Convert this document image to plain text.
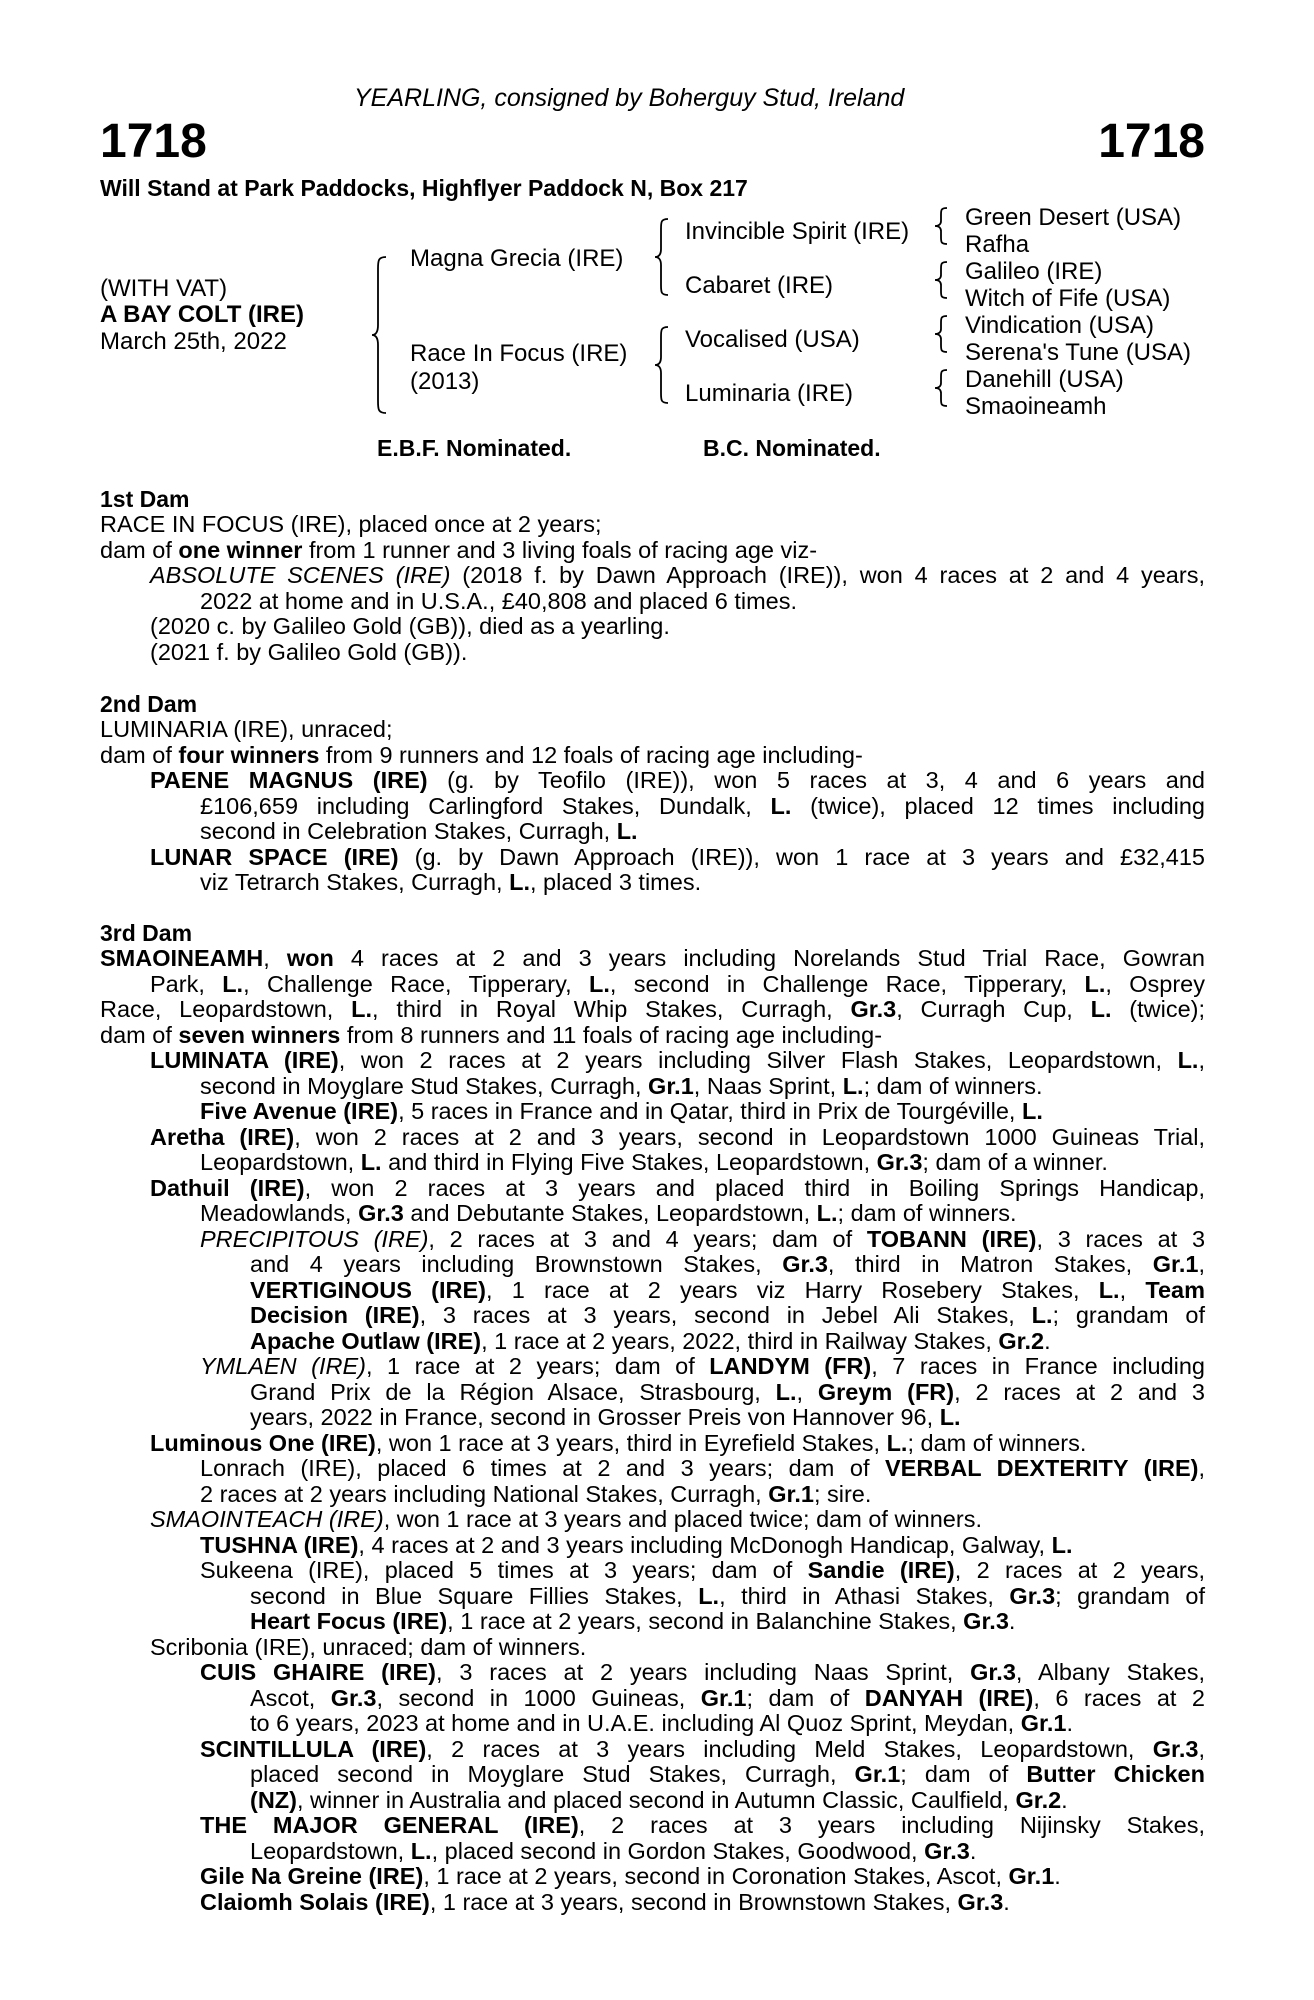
YEARLING, consigned by Boherguy Stud, Ireland
1718	1718
Will Stand at Park Paddocks, Highflyer Paddock N, Box 217
(WITH VAT)
A BAY COLT (IRE)
March 25th, 2022
Magna Grecia (IRE)
Race In Focus (IRE)
(2013)
Invincible Spirit (IRE)
Cabaret (IRE)
Vocalised (USA)
Luminaria (IRE)
Green Desert (USA)
Rafha
Galileo (IRE)
Witch of Fife (USA)
Vindication (USA)
Serena's Tune (USA)
Danehill (USA)
Smaoineamh
E.B.F. Nominated.	B.C. Nominated.
1st Dam
RACE IN FOCUS (IRE), placed once at 2 years;
dam of one winner from 1 runner and 3 living foals of racing age viz-
ABSOLUTE SCENES (IRE) (2018 f. by Dawn Approach (IRE)), won 4 races at 2 and 4 years,
2022 at home and in U.S.A., £40,808 and placed 6 times.
(2020 c. by Galileo Gold (GB)), died as a yearling.
(2021 f. by Galileo Gold (GB)).
2nd Dam
LUMINARIA (IRE), unraced;
dam of four winners from 9 runners and 12 foals of racing age including-
PAENE MAGNUS (IRE) (g. by Teofilo (IRE)), won 5 races at 3, 4 and 6 years and
£106,659 including Carlingford Stakes, Dundalk, L. (twice), placed 12 times including
second in Celebration Stakes, Curragh, L.
LUNAR SPACE (IRE) (g. by Dawn Approach (IRE)), won 1 race at 3 years and £32,415
viz Tetrarch Stakes, Curragh, L., placed 3 times.
3rd Dam
SMAOINEAMH, won 4 races at 2 and 3 years including Norelands Stud Trial Race, Gowran
Park, L., Challenge Race, Tipperary, L., second in Challenge Race, Tipperary, L., Osprey
Race, Leopardstown, L., third in Royal Whip Stakes, Curragh, Gr.3, Curragh Cup, L. (twice);
dam of seven winners from 8 runners and 11 foals of racing age including-
LUMINATA (IRE), won 2 races at 2 years including Silver Flash Stakes, Leopardstown, L.,
second in Moyglare Stud Stakes, Curragh, Gr.1, Naas Sprint, L.; dam of winners.
Five Avenue (IRE), 5 races in France and in Qatar, third in Prix de Tourgéville, L.
Aretha (IRE), won 2 races at 2 and 3 years, second in Leopardstown 1000 Guineas Trial,
Leopardstown, L. and third in Flying Five Stakes, Leopardstown, Gr.3; dam of a winner.
Dathuil (IRE), won 2 races at 3 years and placed third in Boiling Springs Handicap,
Meadowlands, Gr.3 and Debutante Stakes, Leopardstown, L.; dam of winners.
PRECIPITOUS (IRE), 2 races at 3 and 4 years; dam of TOBANN (IRE), 3 races at 3
and 4 years including Brownstown Stakes, Gr.3, third in Matron Stakes, Gr.1,
VERTIGINOUS (IRE), 1 race at 2 years viz Harry Rosebery Stakes, L., Team
Decision (IRE), 3 races at 3 years, second in Jebel Ali Stakes, L.; grandam of
Apache Outlaw (IRE), 1 race at 2 years, 2022, third in Railway Stakes, Gr.2.
YMLAEN (IRE), 1 race at 2 years; dam of LANDYM (FR), 7 races in France including
Grand Prix de la Région Alsace, Strasbourg, L., Greym (FR), 2 races at 2 and 3
years, 2022 in France, second in Grosser Preis von Hannover 96, L.
Luminous One (IRE), won 1 race at 3 years, third in Eyrefield Stakes, L.; dam of winners.
Lonrach (IRE), placed 6 times at 2 and 3 years; dam of VERBAL DEXTERITY (IRE),
2 races at 2 years including National Stakes, Curragh, Gr.1; sire.
SMAOINTEACH (IRE), won 1 race at 3 years and placed twice; dam of winners.
TUSHNA (IRE), 4 races at 2 and 3 years including McDonogh Handicap, Galway, L.
Sukeena (IRE), placed 5 times at 3 years; dam of Sandie (IRE), 2 races at 2 years,
second in Blue Square Fillies Stakes, L., third in Athasi Stakes, Gr.3; grandam of
Heart Focus (IRE), 1 race at 2 years, second in Balanchine Stakes, Gr.3.
Scribonia (IRE), unraced; dam of winners.
CUIS GHAIRE (IRE), 3 races at 2 years including Naas Sprint, Gr.3, Albany Stakes,
Ascot, Gr.3, second in 1000 Guineas, Gr.1; dam of DANYAH (IRE), 6 races at 2
to 6 years, 2023 at home and in U.A.E. including Al Quoz Sprint, Meydan, Gr.1.
SCINTILLULA (IRE), 2 races at 3 years including Meld Stakes, Leopardstown, Gr.3,
placed second in Moyglare Stud Stakes, Curragh, Gr.1; dam of Butter Chicken
(NZ), winner in Australia and placed second in Autumn Classic, Caulfield, Gr.2.
THE MAJOR GENERAL (IRE), 2 races at 3 years including Nijinsky Stakes,
Leopardstown, L., placed second in Gordon Stakes, Goodwood, Gr.3.
Gile Na Greine (IRE), 1 race at 2 years, second in Coronation Stakes, Ascot, Gr.1.
Claiomh Solais (IRE), 1 race at 3 years, second in Brownstown Stakes, Gr.3.
